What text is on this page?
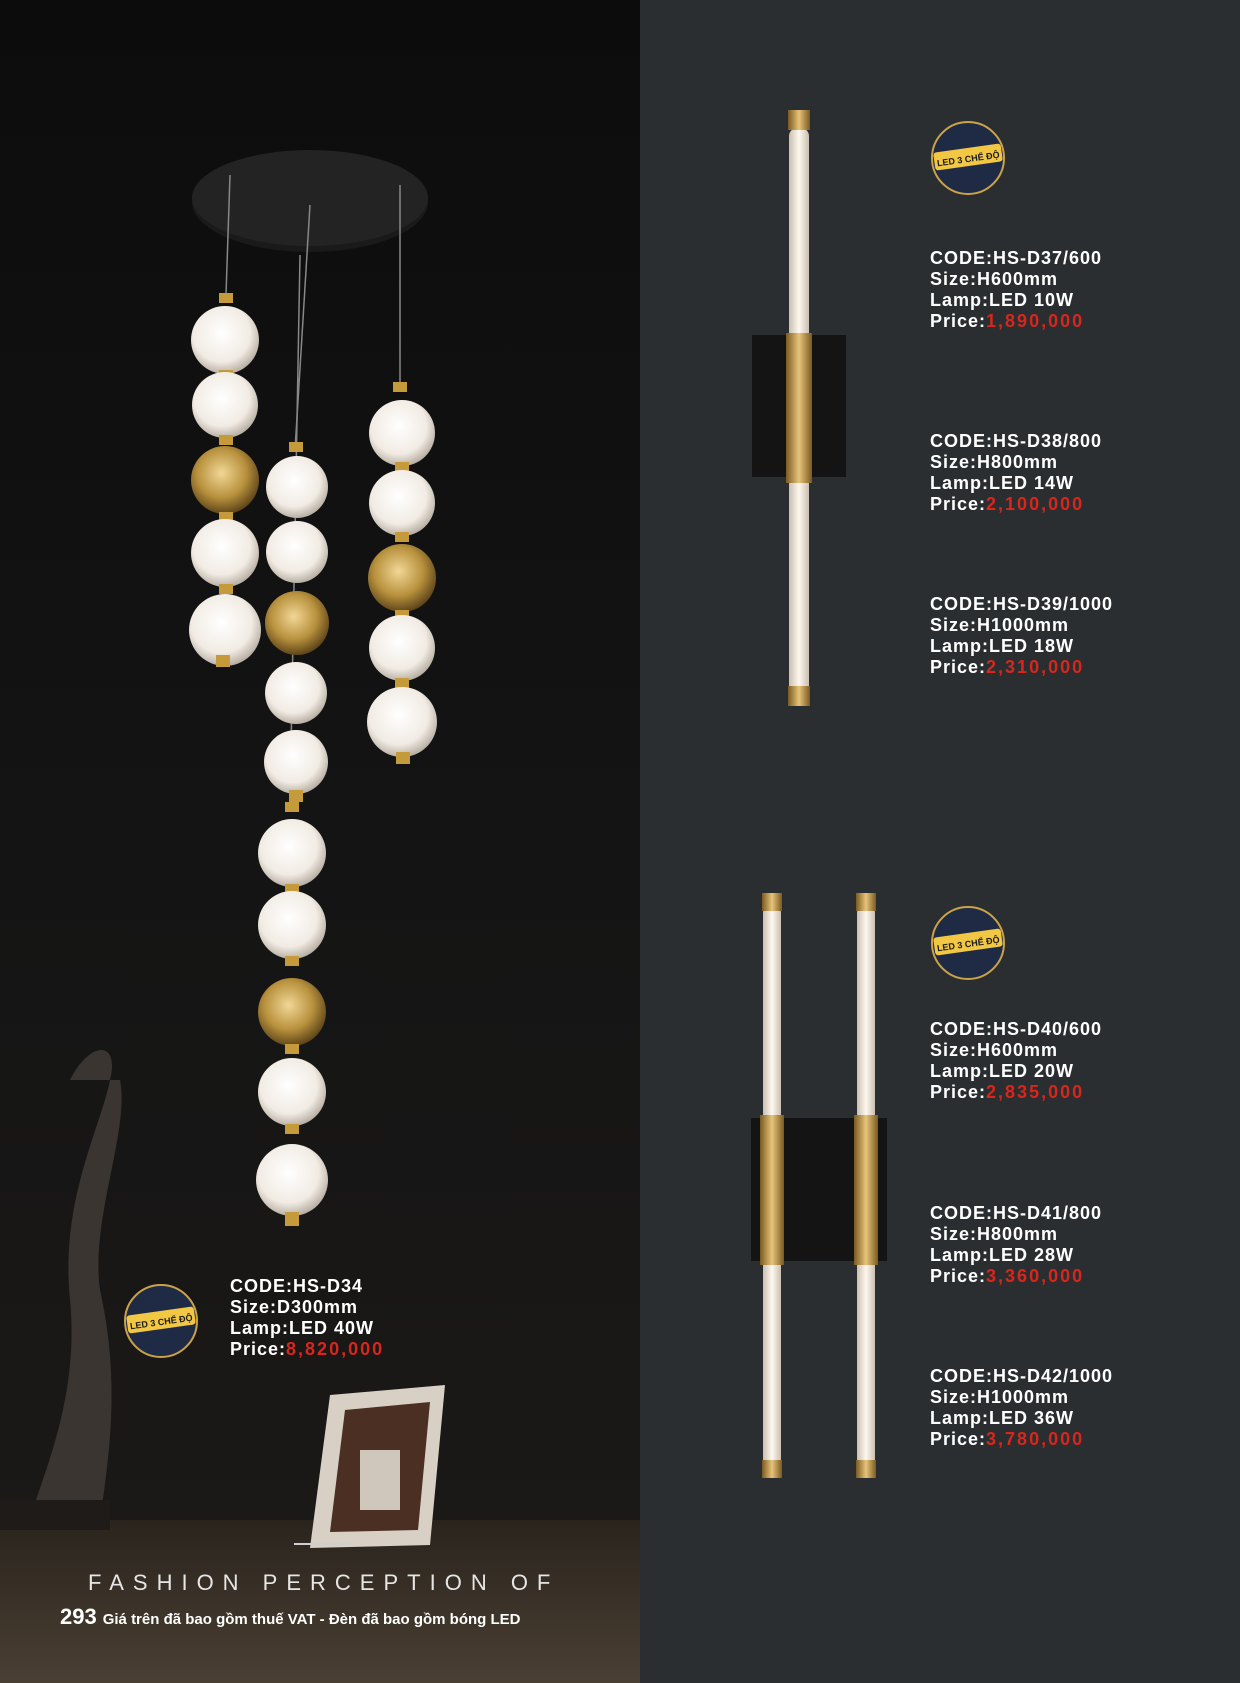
LED 3 CHẾ ĐỘ
LED 3 CHẾ ĐỘ
LED 3 CHẾ ĐỘ
CODE:HS-D34
Size:D300mm
Lamp:LED 40W
Price:8,820,000
CODE:HS-D37/600
Size:H600mm
Lamp:LED 10W
Price:1,890,000
CODE:HS-D38/800
Size:H800mm
Lamp:LED 14W
Price:2,100,000
CODE:HS-D39/1000
Size:H1000mm
Lamp:LED 18W
Price:2,310,000
CODE:HS-D40/600
Size:H600mm
Lamp:LED 20W
Price:2,835,000
CODE:HS-D41/800
Size:H800mm
Lamp:LED 28W
Price:3,360,000
CODE:HS-D42/1000
Size:H1000mm
Lamp:LED 36W
Price:3,780,000
FASHION PERCEPTION OF
293 Giá trên đã bao gồm thuế VAT - Đèn đã bao gồm bóng LED
